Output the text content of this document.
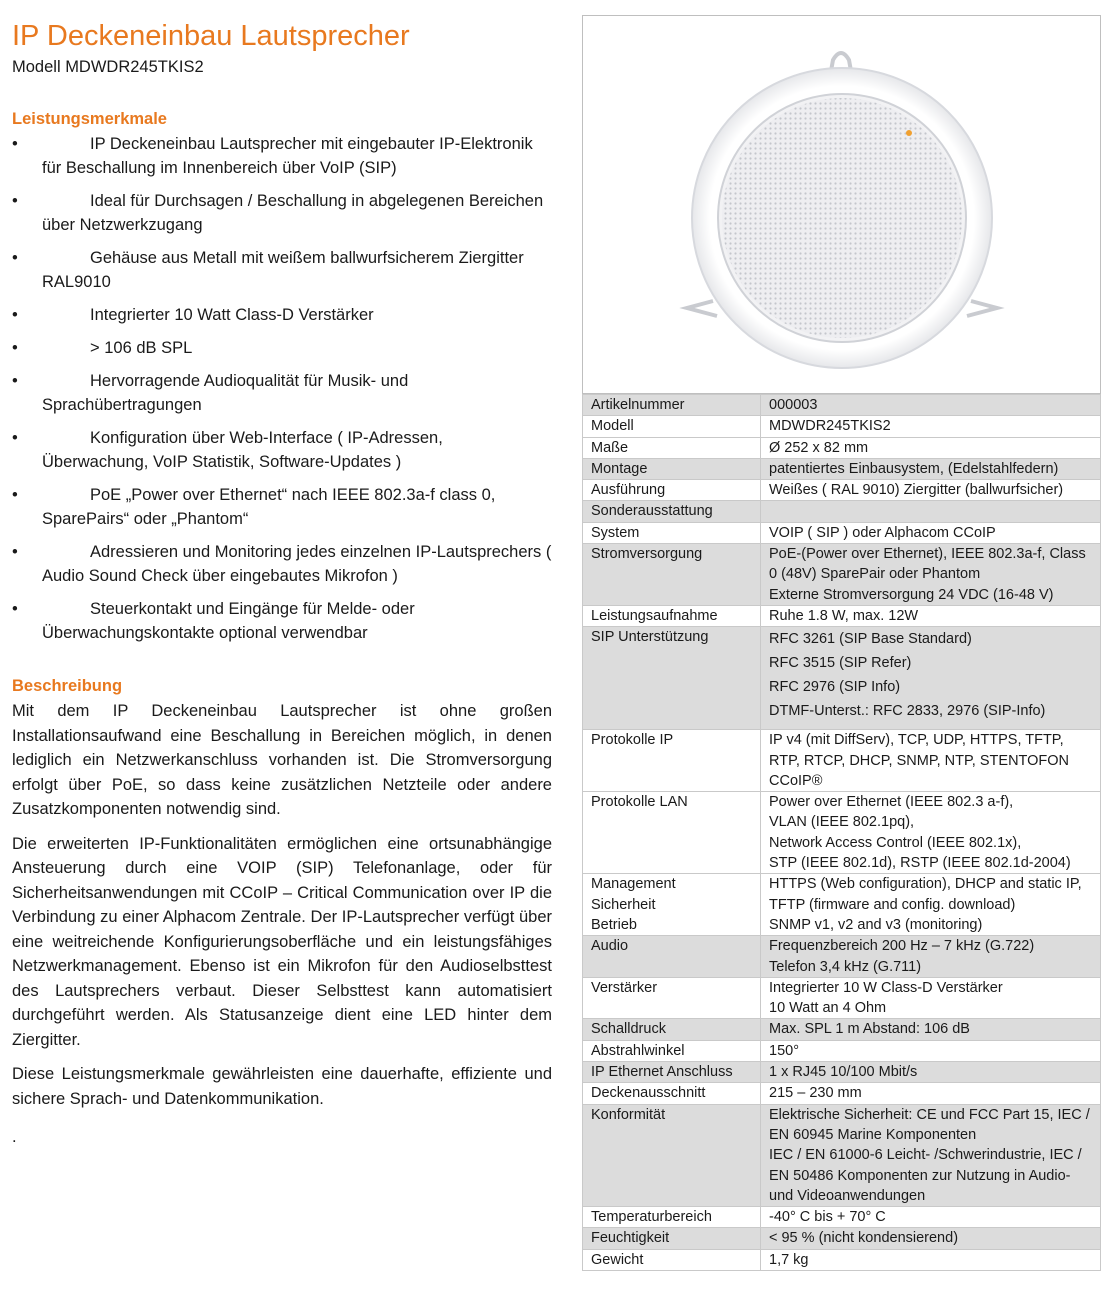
IP Deckeneinbau Lautsprecher

Modell MDWDR245TKIS2

Leistungsmerkmale
•	IP Deckeneinbau Lautsprecher mit eingebauter IP-Elektronik für Beschallung im Innenbereich über VoIP (SIP)
•	Ideal für Durchsagen / Beschallung in abgelegenen Bereichen über Netzwerkzugang
•	Gehäuse aus Metall mit weißem ballwurfsicherem Ziergitter RAL9010
•	Integrierter 10 Watt Class-D Verstärker
•	> 106 dB SPL
•	Hervorragende Audioqualität für Musik- und Sprachübertragungen
•	Konfiguration über Web-Interface ( IP-Adressen, Überwachung, VoIP Statistik, Software-Updates )
•	PoE „Power over Ethernet“ nach IEEE 802.3a-f class 0, SparePairs“ oder „Phantom“
•	Adressieren und Monitoring jedes einzelnen IP-Lautsprechers ( Audio Sound Check über eingebautes Mikrofon )
•	Steuerkontakt und Eingänge für Melde- oder Überwachungskontakte optional verwendbar
Beschreibung

Mit dem IP Deckeneinbau Lautsprecher ist ohne großen Installationsaufwand eine Beschallung in Bereichen möglich, in denen lediglich ein Netzwerkanschluss vorhanden ist. Die Stromversorgung erfolgt über PoE, so dass keine zusätzlichen Netzteile oder andere Zusatzkomponenten notwendig sind.

Die erweiterten IP-Funktionalitäten ermöglichen eine ortsunabhängige Ansteuerung durch eine VOIP (SIP) Telefonanlage, oder für Sicherheitsanwendungen mit CCoIP – Critical Communication over IP die Verbindung zu einer Alphacom Zentrale. Der IP-Lautsprecher verfügt über eine weitreichende Konfigurierungsoberfläche und ein leistungsfähiges Netzwerkmanagement. Ebenso ist ein Mikrofon für den Audioselbsttest des Lautsprechers verbaut. Dieser Selbsttest kann automatisiert durchgeführt werden. Als Statusanzeige dient eine LED hinter dem Ziergitter.

Diese Leistungsmerkmale gewährleisten eine dauerhafte, effiziente und sichere Sprach- und Datenkommunikation.

.

Artikelnummer	000003

Modell	MDWDR245TKIS2

Maße	Ø 252 x 82 mm

Montage	patentiertes Einbausystem, (Edelstahlfedern)

Ausführung	Weißes ( RAL 9010) Ziergitter (ballwurfsicher)

Sonderausstattung	

System	VOIP ( SIP ) oder Alphacom CCoIP

Stromversorgung	PoE-(Power over Ethernet), IEEE 802.3a-f, Class 0 (48V) SparePair oder Phantom
Externe Stromversorgung 24 VDC (16-48 V)

Leistungsaufnahme	Ruhe 1.8 W, max. 12W

SIP Unterstützung	RFC 3261 (SIP Base Standard)
RFC 3515 (SIP Refer)
RFC 2976 (SIP Info)
DTMF-Unterst.: RFC 2833, 2976 (SIP-Info)

Protokolle IP	IP v4 (mit DiffServ), TCP, UDP, HTTPS, TFTP, RTP, RTCP, DHCP, SNMP, NTP, STENTOFON CCoIP®

Protokolle LAN	Power over Ethernet (IEEE 802.3 a-f),
VLAN (IEEE 802.1pq),
Network Access Control (IEEE 802.1x),
STP (IEEE 802.1d), RSTP (IEEE 802.1d-2004)

Management
Sicherheit
Betrieb	HTTPS (Web configuration), DHCP and static IP,
TFTP (firmware and config. download)
SNMP v1, v2 and v3 (monitoring)

Audio	Frequenzbereich 200 Hz – 7 kHz (G.722)
Telefon 3,4 kHz (G.711)

Verstärker	Integrierter 10 W Class-D Verstärker
10 Watt an 4 Ohm

Schalldruck	Max. SPL 1 m Abstand: 106 dB

Abstrahlwinkel	150°

IP Ethernet Anschluss	1 x RJ45 10/100 Mbit/s

Deckenausschnitt	215 – 230 mm

Konformität	Elektrische Sicherheit: CE und FCC Part 15, IEC / EN 60945 Marine Komponenten
IEC / EN 61000-6 Leicht- /Schwerindustrie, IEC / EN 50486 Komponenten zur Nutzung in Audio- und Videoanwendungen

Temperaturbereich	-40° C bis + 70° C

Feuchtigkeit	< 95 % (nicht kondensierend)

Gewicht	1,7 kg
